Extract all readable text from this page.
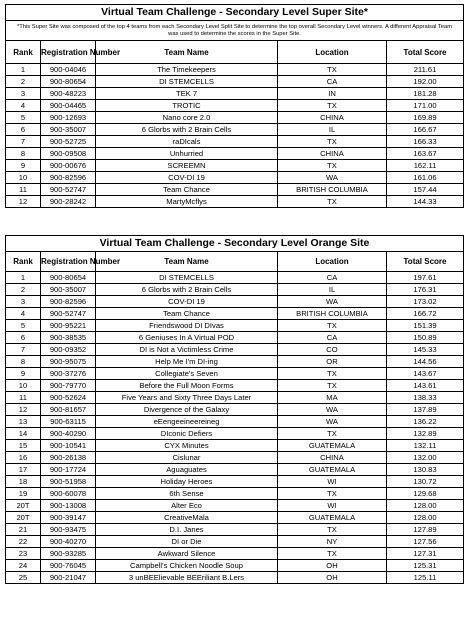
Virtual Team Challenge - Secondary Level Super Site*				
*This Super Site was composed of the top 4 teams from each Secondary Level Split Site to determine the top overall Secondary Level winners. A different Appraisal Team was used to determine the scores in the Super Site.				
Rank	Registration Number	Team Name	Location	Total Score
1	900-04046	The Timekeepers	TX	211.61
2	900-80654	DI STEMCELLS	CA	192.00
3	900-48223	TEK 7	IN	181.28
4	900-04465	TROTIC	TX	171.00
5	900-12693	Nano core 2.0	CHINA	169.89
6	900-35007	6 Glorbs with 2 Brain Cells	IL	166.67
7	900-52725	raDIcals	TX	166.33
8	900-09508	Unhurried	CHINA	163.67
9	900-00676	SCREEMN	TX	162.11
10	900-82596	COV-DI 19	WA	161.06
11	900-52747	Team Chance	BRITISH COLUMBIA	157.44
12	900-28242	MartyMcflys	TX	144.33
Virtual Team Challenge - Secondary Level Orange Site				
Rank	Registration Number	Team Name	Location	Total Score
1	900-80654	DI STEMCELLS	CA	197.61
2	900-35007	6 Glorbs with 2 Brain Cells	IL	176.31
3	900-82596	COV-DI 19	WA	173.02
4	900-52747	Team Chance	BRITISH COLUMBIA	166.72
5	900-95221	Friendswood DI DIvas	TX	151.39
6	900-38535	6 Geniuses In A Virtual POD	CA	150.89
7	900-09352	DI is Not a Victimless Crime	CO	145.33
8	900-95075	Help Me I'm DI-ing	OR	144.56
9	900-37276	Collegiate's Seven	TX	143.67
10	900-79770	Before the Full Moon Forms	TX	143.61
11	900-52624	Five Years and Sixty Three Days Later	MA	138.33
12	900-81657	Divergence of the Galaxy	WA	137.89
13	900-63115	eEengeeineereineg	WA	136.22
14	900-40290	DIconic Defiers	TX	132.89
15	900-10541	CYX Minutes	GUATEMALA	132.11
16	900-26138	Cislunar	CHINA	132.00
17	900-17724	Aguaguates	GUATEMALA	130.83
18	900-51958	Holiday Heroes	WI	130.72
19	900-60078	6th Sense	TX	129.68
20T	900-13008	Alter Eco	WI	128.00
20T	900-39147	CreativeMala	GUATEMALA	128.00
21	900-93475	D.I. Janes	TX	127.89
22	900-40270	DI or Die	NY	127.56
23	900-93285	Awkward Silence	TX	127.31
24	900-76045	Campbell's Chicken Noodle Soup	OH	125.31
25	900-21047	3 unBEElievable BEEriliant B.Lers	OH	125.11
